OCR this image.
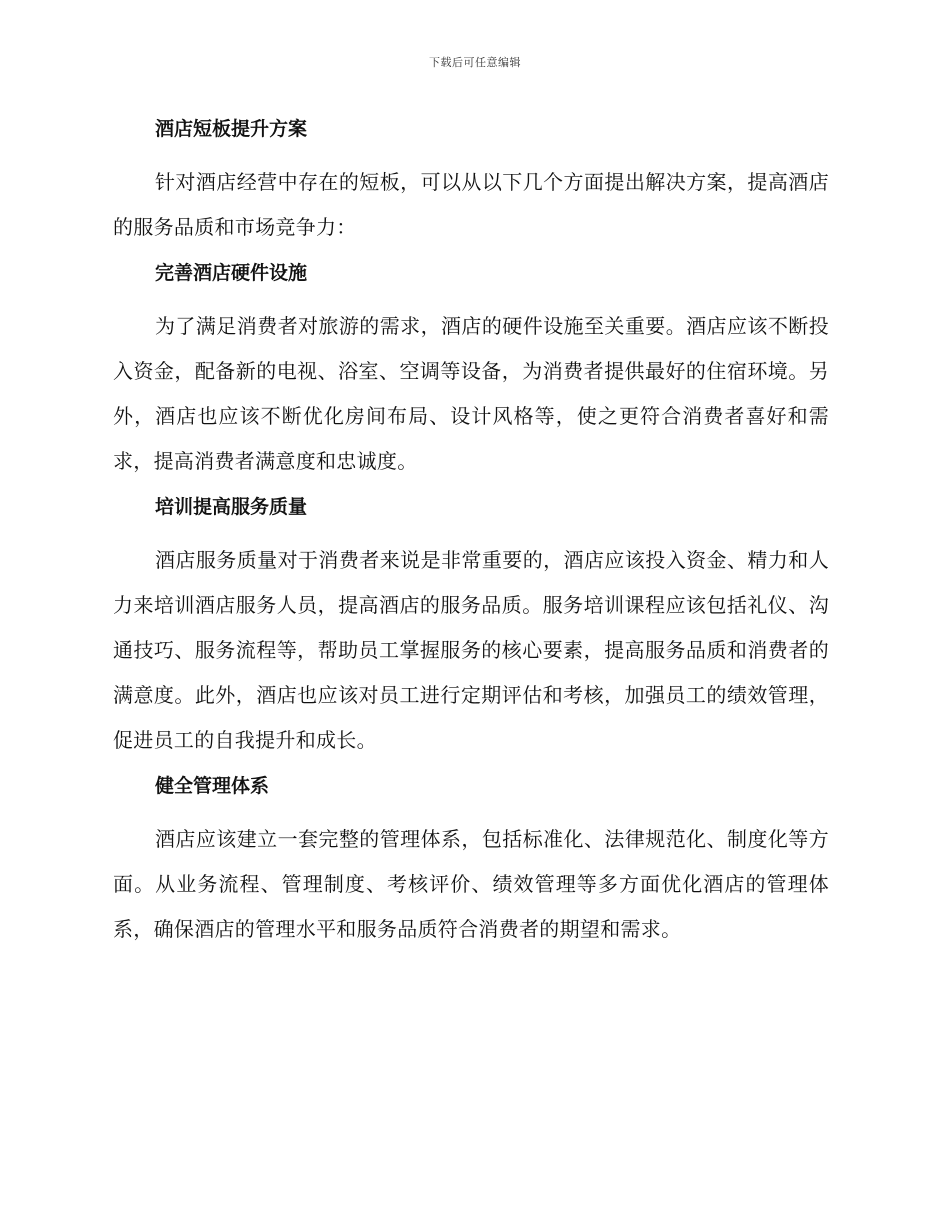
下载后可任意编辑
酒店短板提升方案
针对酒店经营中存在的短板，可以从以下几个方面提出解决方案，提高酒店的服务品质和市场竞争力：
完善酒店硬件设施
为了满足消费者对旅游的需求，酒店的硬件设施至关重要。酒店应该不断投入资金，配备新的电视、浴室、空调等设备，为消费者提供最好的住宿环境。另外，酒店也应该不断优化房间布局、设计风格等，使之更符合消费者喜好和需求，提高消费者满意度和忠诚度。
培训提高服务质量
酒店服务质量对于消费者来说是非常重要的，酒店应该投入资金、精力和人力来培训酒店服务人员，提高酒店的服务品质。服务培训课程应该包括礼仪、沟通技巧、服务流程等，帮助员工掌握服务的核心要素，提高服务品质和消费者的满意度。此外，酒店也应该对员工进行定期评估和考核，加强员工的绩效管理，促进员工的自我提升和成长。
健全管理体系
酒店应该建立一套完整的管理体系，包括标准化、法律规范化、制度化等方面。从业务流程、管理制度、考核评价、绩效管理等多方面优化酒店的管理体系，确保酒店的管理水平和服务品质符合消费者的期望和需求。
